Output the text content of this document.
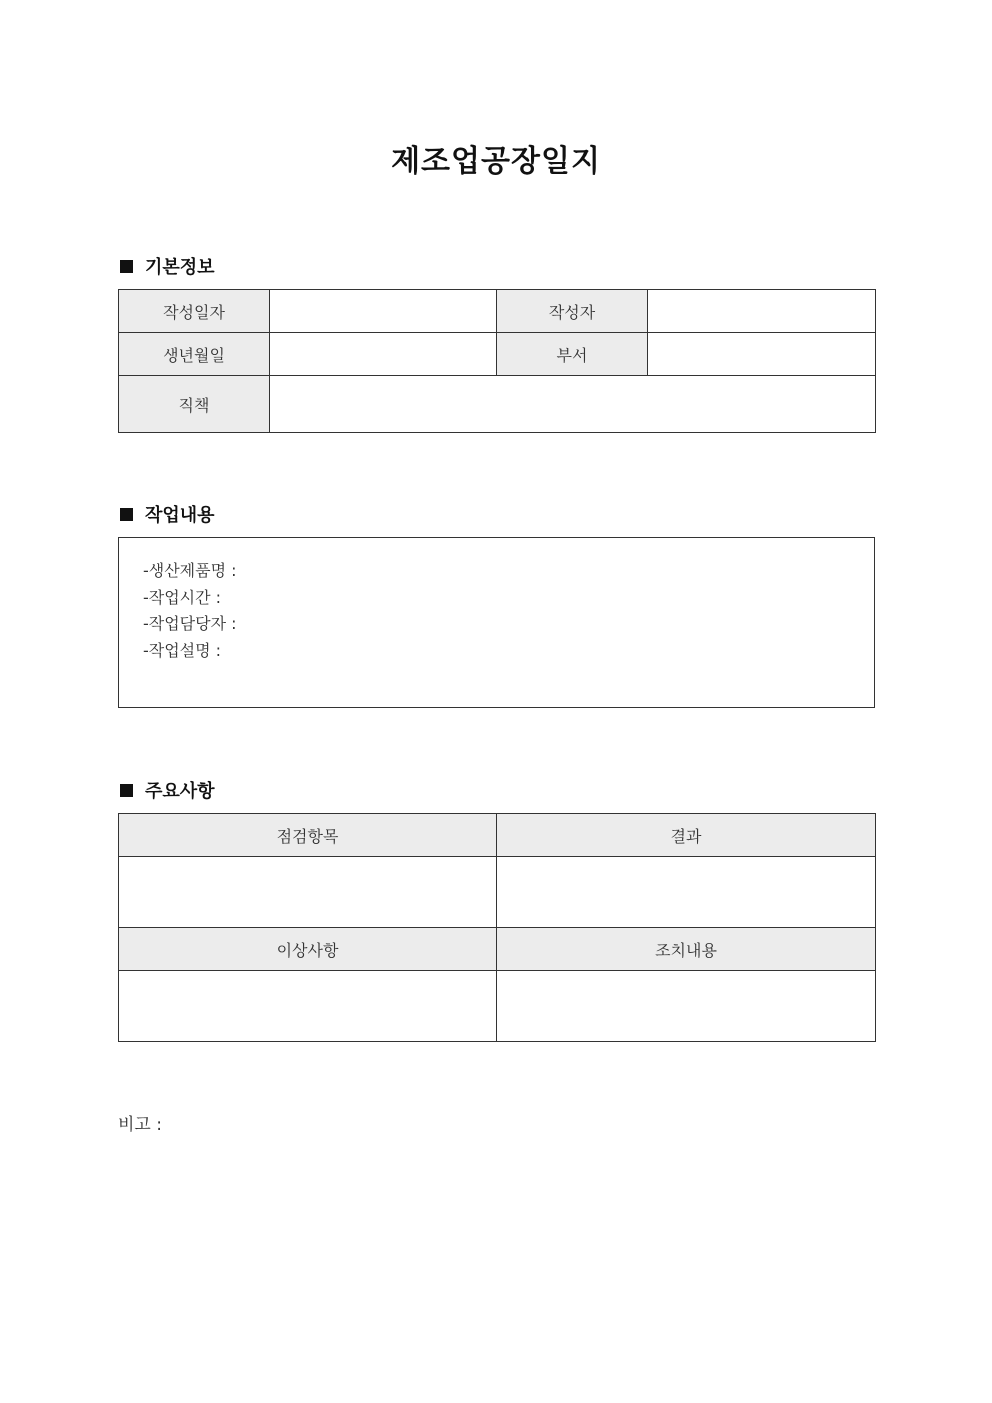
제조업공장일지
기본정보
작성일자		작성자	
생년월일		부서	
직책			
작업내용
-생산제품명 :
-작업시간 :
-작업담당자 :
-작업설명 :
주요사항
점검항목	결과

이상사항	조치내용

비고 :
